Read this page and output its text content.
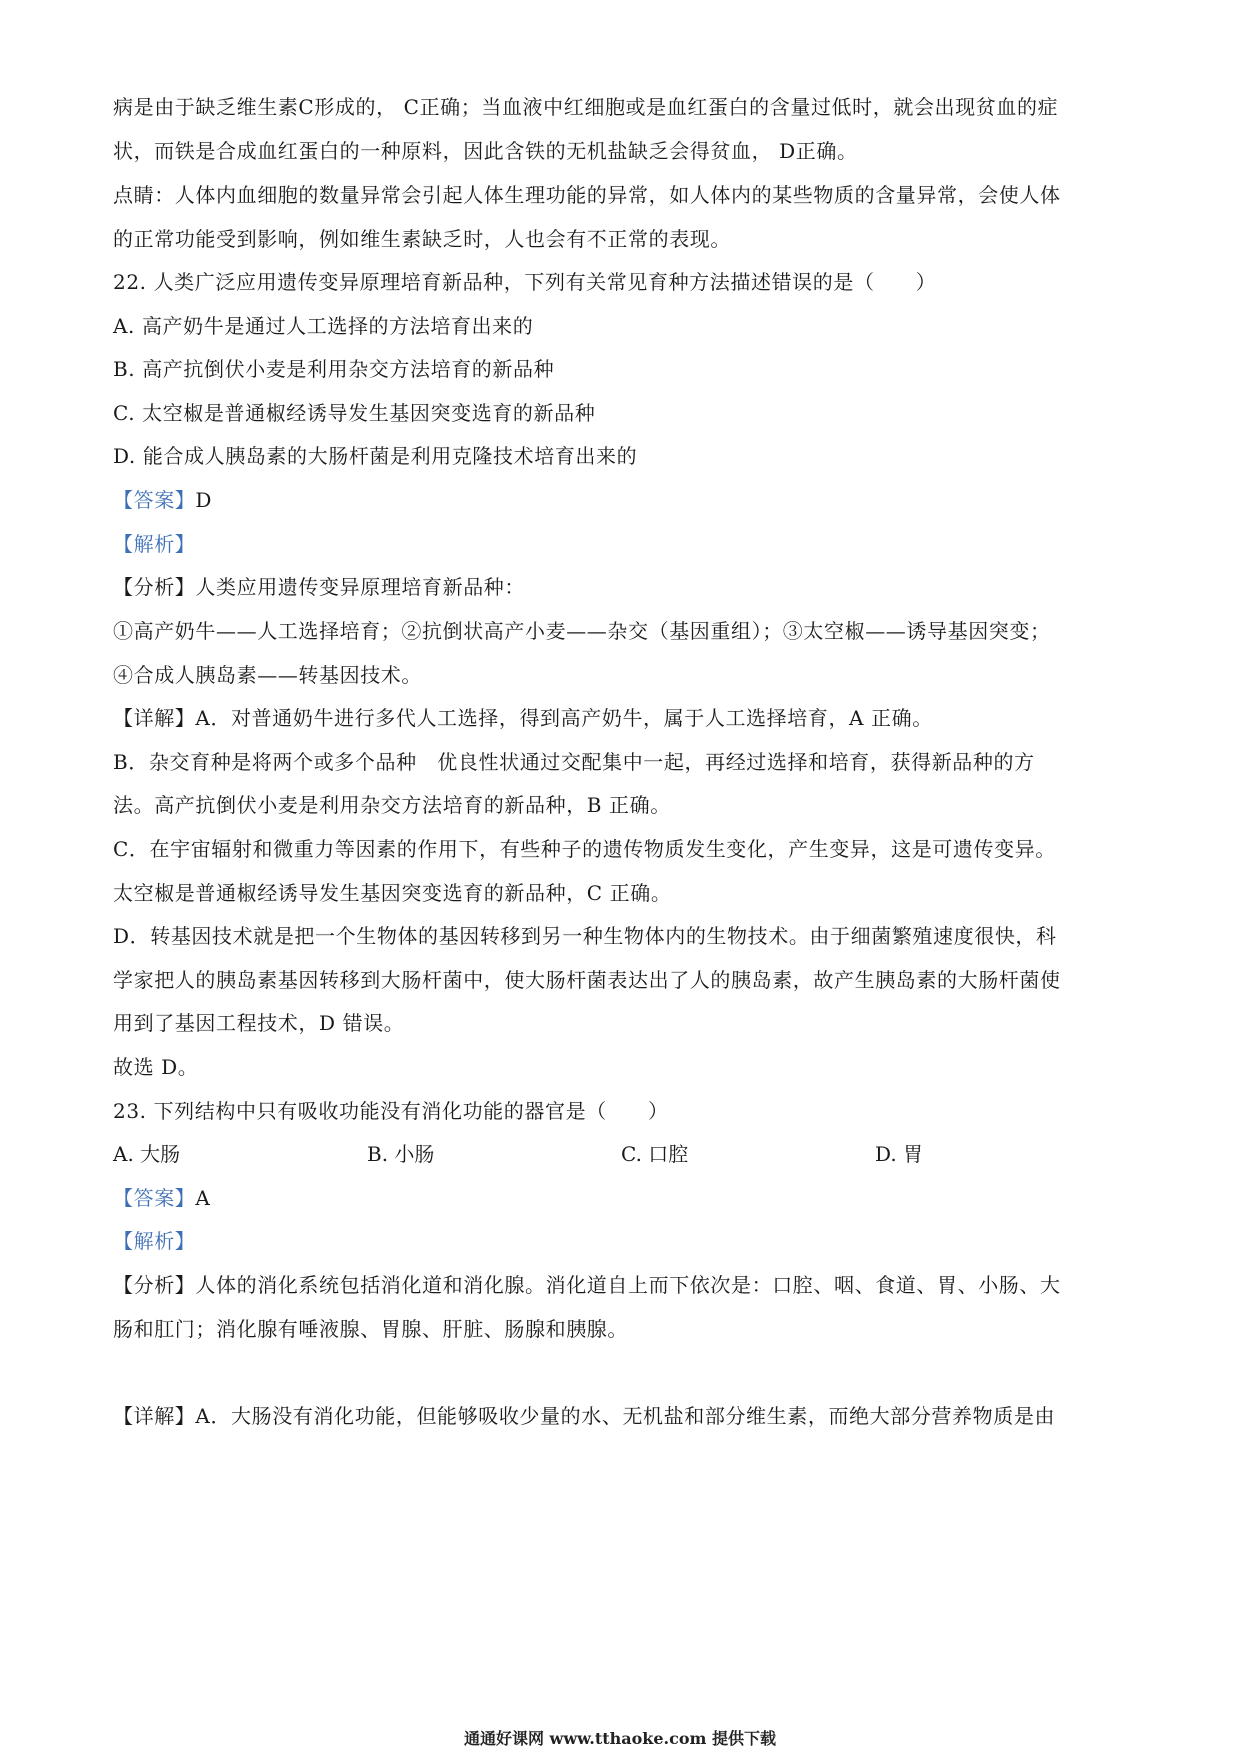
病是由于缺乏维生素C形成的， C正确；当血液中红细胞或是血红蛋白的含量过低时，就会出现贫血的症
状，而铁是合成血红蛋白的一种原料，因此含铁的无机盐缺乏会得贫血， D正确。
点睛：人体内血细胞的数量异常会引起人体生理功能的异常，如人体内的某些物质的含量异常，会使人体
的正常功能受到影响，例如维生素缺乏时，人也会有不正常的表现。
22. 人类广泛应用遗传变异原理培育新品种，下列有关常见育种方法描述错误的是（　　）
A. 高产奶牛是通过人工选择的方法培育出来的
B. 高产抗倒伏小麦是利用杂交方法培育的新品种
C. 太空椒是普通椒经诱导发生基因突变选育的新品种
D. 能合成人胰岛素的大肠杆菌是利用克隆技术培育出来的
【答案】D
【解析】
【分析】人类应用遗传变异原理培育新品种：
①高产奶牛——人工选择培育；②抗倒状高产小麦——杂交（基因重组）；③太空椒——诱导基因突变；
④合成人胰岛素——转基因技术。
【详解】A．对普通奶牛进行多代人工选择，得到高产奶牛，属于人工选择培育，A 正确。
B．杂交育种是将两个或多个品种　优良性状通过交配集中一起，再经过选择和培育，获得新品种的方
法。高产抗倒伏小麦是利用杂交方法培育的新品种，B 正确。
C．在宇宙辐射和微重力等因素的作用下，有些种子的遗传物质发生变化，产生变异，这是可遗传变异。
太空椒是普通椒经诱导发生基因突变选育的新品种，C 正确。
D．转基因技术就是把一个生物体的基因转移到另一种生物体内的生物技术。由于细菌繁殖速度很快，科
学家把人的胰岛素基因转移到大肠杆菌中，使大肠杆菌表达出了人的胰岛素，故产生胰岛素的大肠杆菌使
用到了基因工程技术，D 错误。
故选 D。
23. 下列结构中只有吸收功能没有消化功能的器官是（　　）
A. 大肠	B. 小肠	C. 口腔	D. 胃
【答案】A
【解析】
【分析】人体的消化系统包括消化道和消化腺。消化道自上而下依次是：口腔、咽、食道、胃、小肠、大
肠和肛门；消化腺有唾液腺、胃腺、肝脏、肠腺和胰腺。
【详解】A．大肠没有消化功能，但能够吸收少量的水、无机盐和部分维生素，而绝大部分营养物质是由
通通好课网 www.tthaoke.com 提供下载
